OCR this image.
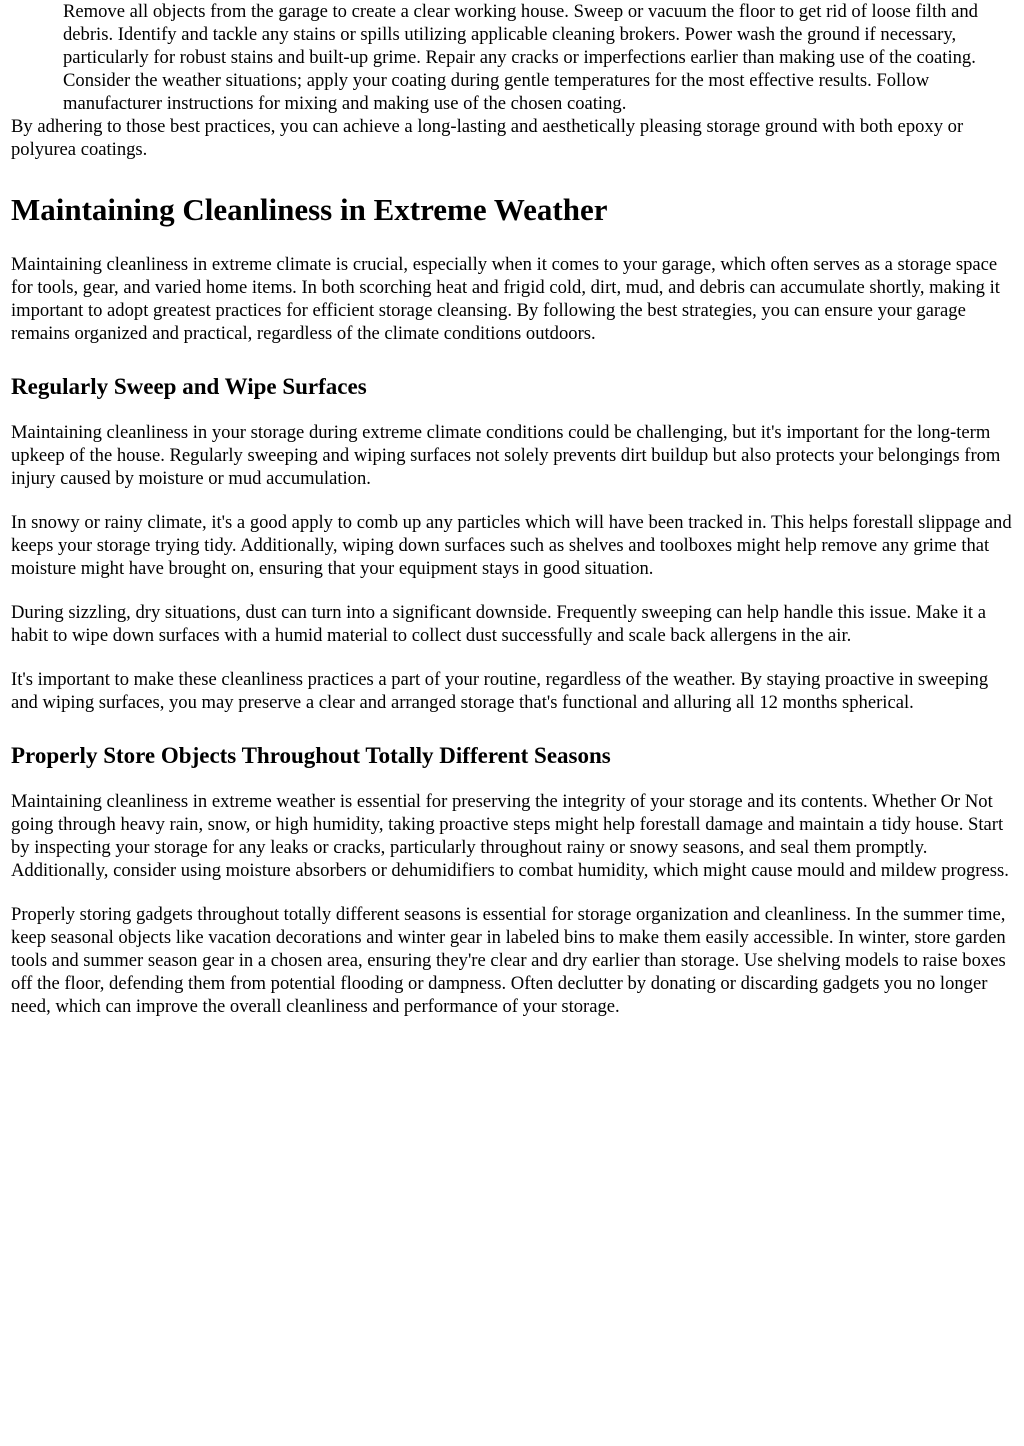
Remove all objects from the garage to create a clear working house. Sweep or vacuum the floor to get rid of loose filth and debris. Identify and tackle any stains or spills utilizing applicable cleaning brokers. Power wash the ground if necessary, particularly for robust stains and built-up grime. Repair any cracks or imperfections earlier than making use of the coating. Consider the weather situations; apply your coating during gentle temperatures for the most effective results. Follow manufacturer instructions for mixing and making use of the chosen coating.

By adhering to those best practices, you can achieve a long-lasting and aesthetically pleasing storage ground with both epoxy or polyurea coatings.

Maintaining Cleanliness in Extreme Weather

Maintaining cleanliness in extreme climate is crucial, especially when it comes to your garage, which often serves as a storage space for tools, gear, and varied home items. In both scorching heat and frigid cold, dirt, mud, and debris can accumulate shortly, making it important to adopt greatest practices for efficient storage cleansing. By following the best strategies, you can ensure your garage remains organized and practical, regardless of the climate conditions outdoors.

Regularly Sweep and Wipe Surfaces

Maintaining cleanliness in your storage during extreme climate conditions could be challenging, but it's important for the long-term upkeep of the house. Regularly sweeping and wiping surfaces not solely prevents dirt buildup but also protects your belongings from injury caused by moisture or mud accumulation.

In snowy or rainy climate, it's a good apply to comb up any particles which will have been tracked in. This helps forestall slippage and keeps your storage trying tidy. Additionally, wiping down surfaces such as shelves and toolboxes might help remove any grime that moisture might have brought on, ensuring that your equipment stays in good situation.

During sizzling, dry situations, dust can turn into a significant downside. Frequently sweeping can help handle this issue. Make it a habit to wipe down surfaces with a humid material to collect dust successfully and scale back allergens in the air.

It's important to make these cleanliness practices a part of your routine, regardless of the weather. By staying proactive in sweeping and wiping surfaces, you may preserve a clear and arranged storage that's functional and alluring all 12 months spherical.

Properly Store Objects Throughout Totally Different Seasons

Maintaining cleanliness in extreme weather is essential for preserving the integrity of your storage and its contents. Whether Or Not going through heavy rain, snow, or high humidity, taking proactive steps might help forestall damage and maintain a tidy house. Start by inspecting your storage for any leaks or cracks, particularly throughout rainy or snowy seasons, and seal them promptly. Additionally, consider using moisture absorbers or dehumidifiers to combat humidity, which might cause mould and mildew progress.

Properly storing gadgets throughout totally different seasons is essential for storage organization and cleanliness. In the summer time, keep seasonal objects like vacation decorations and winter gear in labeled bins to make them easily accessible. In winter, store garden tools and summer season gear in a chosen area, ensuring they're clear and dry earlier than storage. Use shelving models to raise boxes off the floor, defending them from potential flooding or dampness. Often declutter by donating or discarding gadgets you no longer need, which can improve the overall cleanliness and performance of your storage.
